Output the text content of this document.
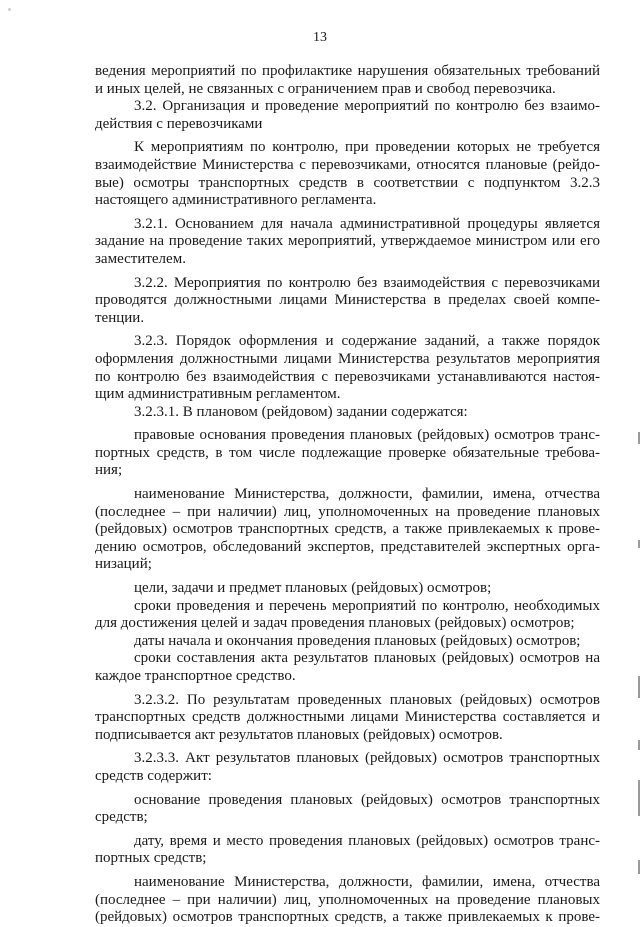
13
ведения мероприятий по профилактике нарушения обязательных требований
и иных целей, не связанных с ограничением прав и свобод перевозчика.
3.2. Организация и проведение мероприятий по контролю без взаимо-
действия с перевозчиками
К мероприятиям по контролю, при проведении которых не требуется
взаимодействие Министерства с перевозчиками, относятся плановые (рейдо-
вые) осмотры транспортных средств в соответствии с подпунктом 3.2.3
настоящего административного регламента.
3.2.1. Основанием для начала административной процедуры является
задание на проведение таких мероприятий, утверждаемое министром или его
заместителем.
3.2.2. Мероприятия по контролю без взаимодействия с перевозчиками
проводятся должностными лицами Министерства в пределах своей компе-
тенции.
3.2.3. Порядок оформления и содержание заданий, а также порядок
оформления должностными лицами Министерства результатов мероприятия
по контролю без взаимодействия с перевозчиками устанавливаются настоя-
щим административным регламентом.
3.2.3.1. В плановом (рейдовом) задании содержатся:
правовые основания проведения плановых (рейдовых) осмотров транс-
портных средств, в том числе подлежащие проверке обязательные требова-
ния;
наименование Министерства, должности, фамилии, имена, отчества
(последнее – при наличии) лиц, уполномоченных на проведение плановых
(рейдовых) осмотров транспортных средств, а также привлекаемых к прове-
дению осмотров, обследований экспертов, представителей экспертных орга-
низаций;
цели, задачи и предмет плановых (рейдовых) осмотров;
сроки проведения и перечень мероприятий по контролю, необходимых
для достижения целей и задач проведения плановых (рейдовых) осмотров;
даты начала и окончания проведения плановых (рейдовых) осмотров;
сроки составления акта результатов плановых (рейдовых) осмотров на
каждое транспортное средство.
3.2.3.2. По результатам проведенных плановых (рейдовых) осмотров
транспортных средств должностными лицами Министерства составляется и
подписывается акт результатов плановых (рейдовых) осмотров.
3.2.3.3. Акт результатов плановых (рейдовых) осмотров транспортных
средств содержит:
основание проведения плановых (рейдовых) осмотров транспортных
средств;
дату, время и место проведения плановых (рейдовых) осмотров транс-
портных средств;
наименование Министерства, должности, фамилии, имена, отчества
(последнее – при наличии) лиц, уполномоченных на проведение плановых
(рейдовых) осмотров транспортных средств, а также привлекаемых к прове-
